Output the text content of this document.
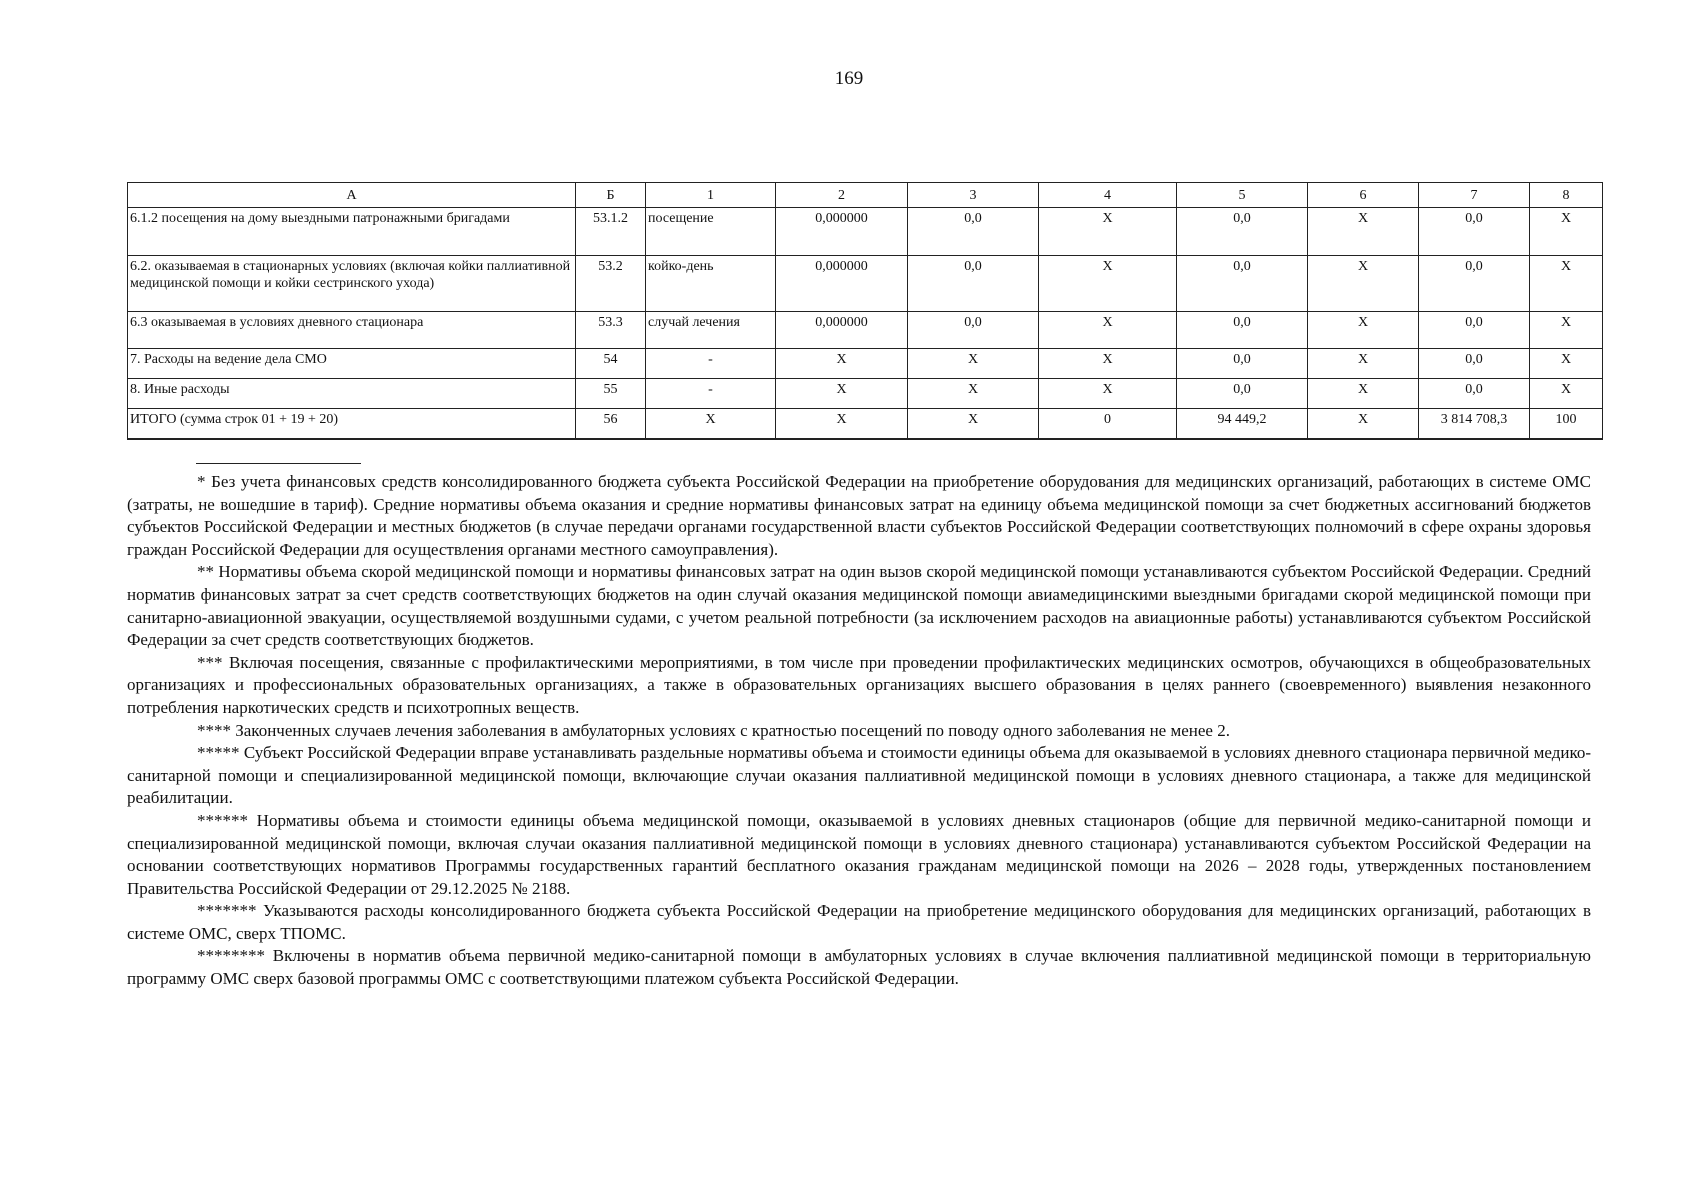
169
А	Б	1	2	3	4	5	6	7	8
6.1.2 посещения на дому выездными патронажными бригадами	53.1.2	посещение	0,000000	0,0	X	0,0	X	0,0	X
6.2. оказываемая в стационарных условиях (включая койки паллиативной медицинской помощи и койки сестринского ухода)	53.2	койко-день	0,000000	0,0	X	0,0	X	0,0	X
6.3 оказываемая в условиях дневного стационара	53.3	случай лечения	0,000000	0,0	X	0,0	X	0,0	X
7. Расходы на ведение дела СМО	54	-	X	X	X	0,0	X	0,0	X
8. Иные расходы	55	-	X	X	X	0,0	X	0,0	X
ИТОГО (сумма строк 01 + 19 + 20)	56	X	X	X	0	94 449,2	X	3 814 708,3	100

* Без учета финансовых средств консолидированного бюджета субъекта Российской Федерации на приобретение оборудования для медицинских организаций, работающих в системе ОМС (затраты, не вошедшие в тариф). Средние нормативы объема оказания и средние нормативы финансовых затрат на единицу объема медицинской помощи за счет бюджетных ассигнований бюджетов субъектов Российской Федерации и местных бюджетов (в случае передачи органами государственной власти субъектов Российской Федерации соответствующих полномочий в сфере охраны здоровья граждан Российской Федерации для осуществления органами местного самоуправления).

** Нормативы объема скорой медицинской помощи и нормативы финансовых затрат на один вызов скорой медицинской помощи устанавливаются субъектом Российской Федерации. Средний норматив финансовых затрат за счет средств соответствующих бюджетов на один случай оказания медицинской помощи авиамедицинскими выездными бригадами скорой медицинской помощи при санитарно-авиационной эвакуации, осуществляемой воздушными судами, с учетом реальной потребности (за исключением расходов на авиационные работы) устанавливаются субъектом Российской Федерации за счет средств соответствующих бюджетов.

*** Включая посещения, связанные с профилактическими мероприятиями, в том числе при проведении профилактических медицинских осмотров, обучающихся в общеобразовательных организациях и профессиональных образовательных организациях, а также в образовательных организациях высшего образования в целях раннего (своевременного) выявления незаконного потребления наркотических средств и психотропных веществ.

**** Законченных случаев лечения заболевания в амбулаторных условиях с кратностью посещений по поводу одного заболевания не менее 2.

***** Субъект Российской Федерации вправе устанавливать раздельные нормативы объема и стоимости единицы объема для оказываемой в условиях дневного стационара первичной медико-санитарной помощи и специализированной медицинской помощи, включающие случаи оказания паллиативной медицинской помощи в условиях дневного стационара, а также для медицинской реабилитации.

****** Нормативы объема и стоимости единицы объема медицинской помощи, оказываемой в условиях дневных стационаров (общие для первичной медико-санитарной помощи и специализированной медицинской помощи, включая случаи оказания паллиативной медицинской помощи в условиях дневного стационара) устанавливаются субъектом Российской Федерации на основании соответствующих нормативов Программы государственных гарантий бесплатного оказания гражданам медицинской помощи на 2026 – 2028 годы, утвержденных постановлением Правительства Российской Федерации от 29.12.2025 № 2188.

******* Указываются расходы консолидированного бюджета субъекта Российской Федерации на приобретение медицинского оборудования для медицинских организаций, работающих в системе ОМС, сверх ТПОМС.

******** Включены в норматив объема первичной медико-санитарной помощи в амбулаторных условиях в случае включения паллиативной медицинской помощи в территориальную программу ОМС сверх базовой программы ОМС с соответствующими платежом субъекта Российской Федерации.
